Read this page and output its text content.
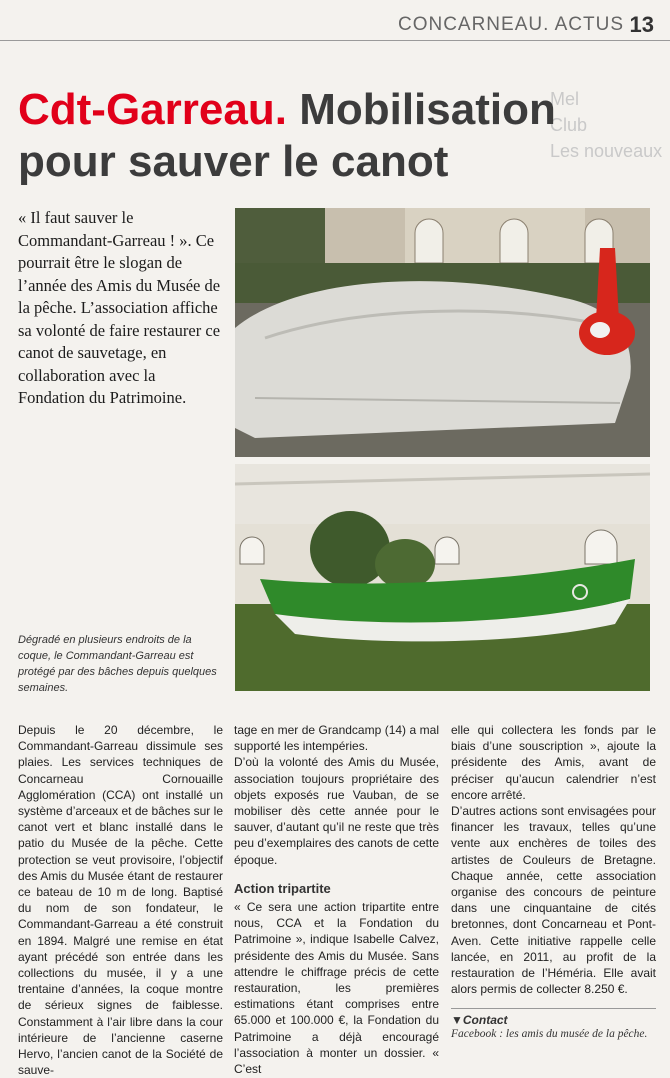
CONCARNEAU. ACTUS 13
Mel
Club
Les nouveaux
Cdt-Garreau. Mobilisation
pour sauver le canot
« Il faut sauver le Commandant-Garreau ! ». Ce pourrait être le slogan de l’année des Amis du Musée de la pêche. L’association affiche sa volonté de faire restaurer ce canot de sauvetage, en collaboration avec la Fondation du Patrimoine.
Dégradé en plusieurs endroits de la coque, le Commandant-Garreau est protégé par des bâches depuis quelques semaines.

Depuis le 20 décembre, le Commandant-Garreau dissimule ses plaies. Les services techniques de Concarneau Cornouaille Agglomération (CCA) ont installé un système d’arceaux et de bâches sur le canot vert et blanc installé dans le patio du Musée de la pêche. Cette protection se veut provisoire, l’objectif des Amis du Musée étant de restaurer ce bateau de 10 m de long. Baptisé du nom de son fondateur, le Commandant-Garreau a été construit en 1894. Malgré une remise en état ayant précédé son entrée dans les collections du musée, il y a une trentaine d’années, la coque montre de sérieux signes de faiblesse. Constamment à l’air libre dans la cour intérieure de l’ancienne caserne Hervo, l’ancien canot de la Société de sauve-

tage en mer de Grandcamp (14) a mal supporté les intempéries.

D’où la volonté des Amis du Musée, association toujours propriétaire des objets exposés rue Vauban, de se mobiliser dès cette année pour le sauver, d’autant qu’il ne reste que très peu d’exemplaires des canots de cette époque.

Action tripartite

« Ce sera une action tripartite entre nous, CCA et la Fondation du Patrimoine », indique Isabelle Calvez, présidente des Amis du Musée. Sans attendre le chiffrage précis de cette restauration, les premières estimations étant comprises entre 65.000 et 100.000 €, la Fondation du Patrimoine a déjà encouragé l’association à monter un dossier. « C’est

elle qui collectera les fonds par le biais d’une souscription », ajoute la présidente des Amis, avant de préciser qu’aucun calendrier n’est encore arrêté.

D’autres actions sont envisagées pour financer les travaux, telles qu’une vente aux enchères de toiles des artistes de Couleurs de Bretagne. Chaque année, cette association organise des concours de peinture dans une cinquantaine de cités bretonnes, dont Concarneau et Pont-Aven. Cette initiative rappelle celle lancée, en 2011, au profit de la restauration de l’Héméria. Elle avait alors permis de collecter 8.250 €.

▼Contact
Facebook : les amis du musée de la pêche.
